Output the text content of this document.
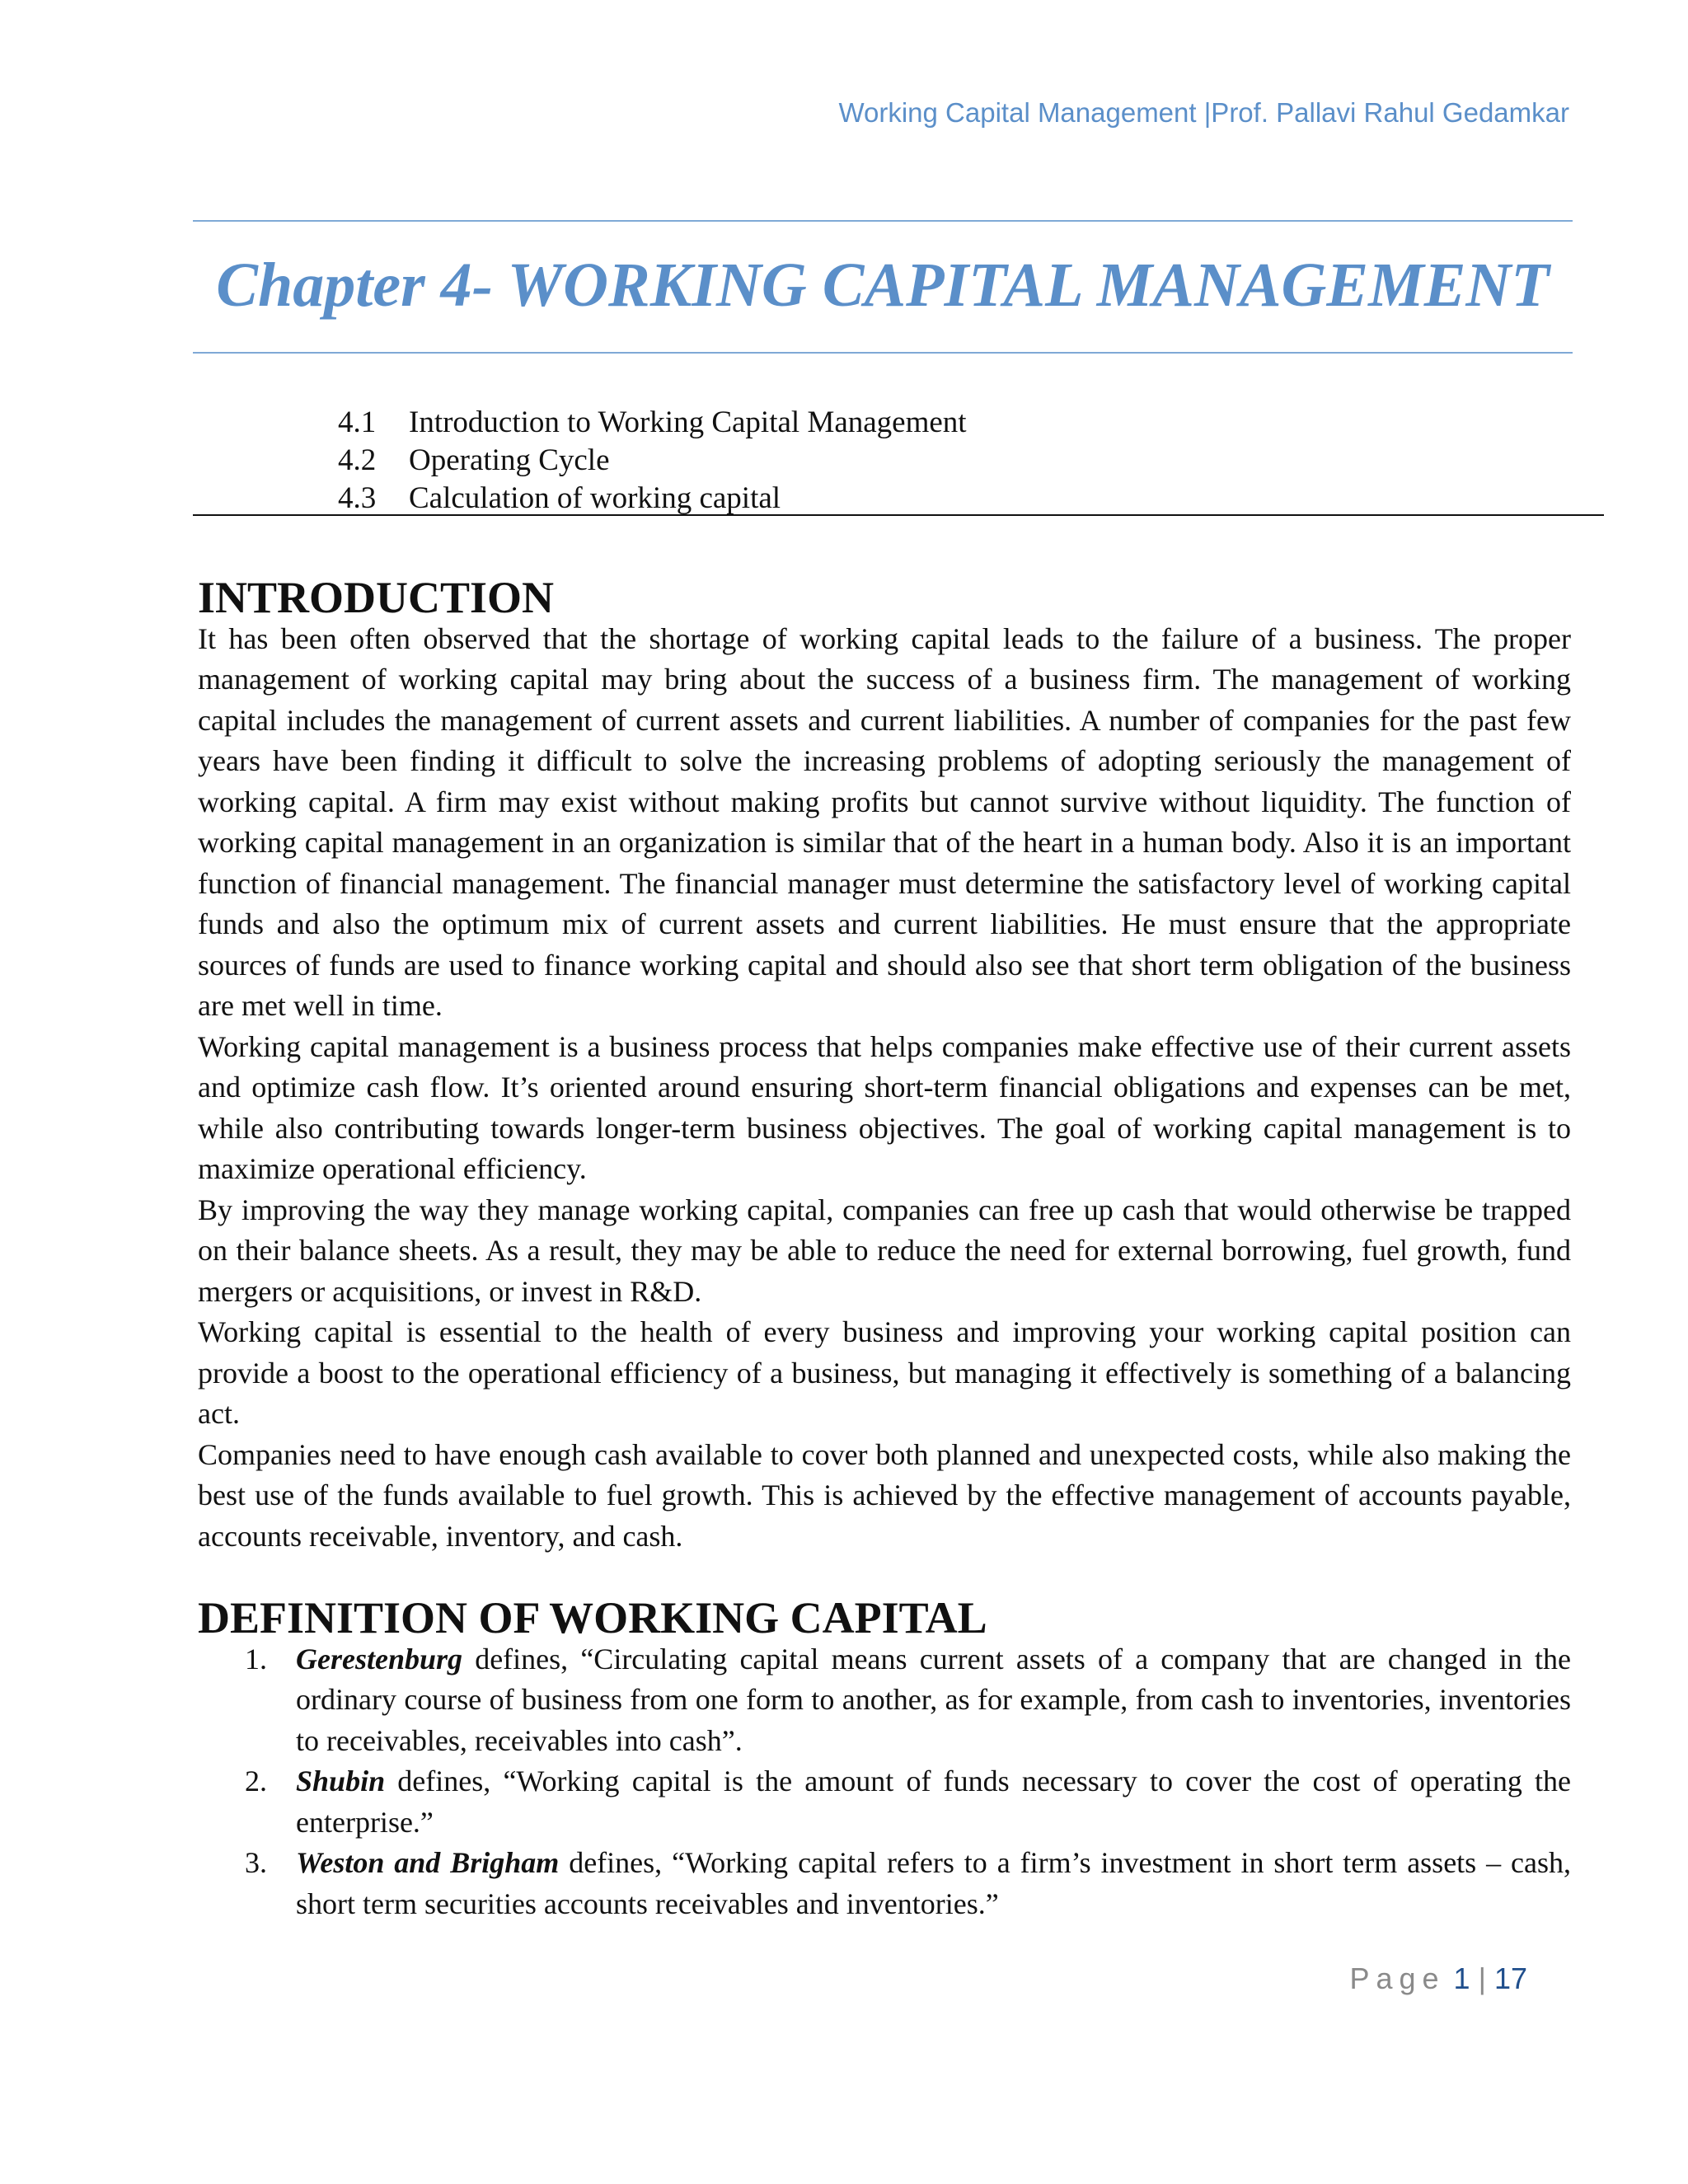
Working Capital Management |Prof. Pallavi Rahul Gedamkar
Chapter 4- WORKING CAPITAL MANAGEMENT
4.1	Introduction to Working Capital Management
4.2	Operating Cycle
4.3	Calculation of working capital
INTRODUCTION

It has been often observed that the shortage of working capital leads to the failure of a business. The proper management of working capital may bring about the success of a business firm. The management of working capital includes the management of current assets and current liabilities. A number of companies for the past few years have been finding it difficult to solve the increasing problems of adopting seriously the management of working capital. A firm may exist without making profits but cannot survive without liquidity. The function of working capital management in an organization is similar that of the heart in a human body. Also it is an important function of financial management. The financial manager must determine the satisfactory level of working capital funds and also the optimum mix of current assets and current liabilities. He must ensure that the appropriate sources of funds are used to finance working capital and should also see that short term obligation of the business are met well in time.

Working capital management is a business process that helps companies make effective use of their current assets and optimize cash flow. It’s oriented around ensuring short-term financial obligations and expenses can be met, while also contributing towards longer-term business objectives. The goal of working capital management is to maximize operational efficiency.

By improving the way they manage working capital, companies can free up cash that would otherwise be trapped on their balance sheets. As a result, they may be able to reduce the need for external borrowing, fuel growth, fund mergers or acquisitions, or invest in R&D.

Working capital is essential to the health of every business and improving your working capital position can provide a boost to the operational efficiency of a business, but managing it effectively is something of a balancing act.

Companies need to have enough cash available to cover both planned and unexpected costs, while also making the best use of the funds available to fuel growth. This is achieved by the effective management of accounts payable, accounts receivable, inventory, and cash.

DEFINITION OF WORKING CAPITAL
1. Gerestenburg defines, “Circulating capital means current assets of a company that are changed in the ordinary course of business from one form to another, as for example, from cash to inventories, inventories to receivables, receivables into cash”.
2. Shubin defines, “Working capital is the amount of funds necessary to cover the cost of operating the enterprise.”
3. Weston and Brigham defines, “Working capital refers to a firm’s investment in short term assets – cash, short term securities accounts receivables and inventories.”
Page 1 | 17
